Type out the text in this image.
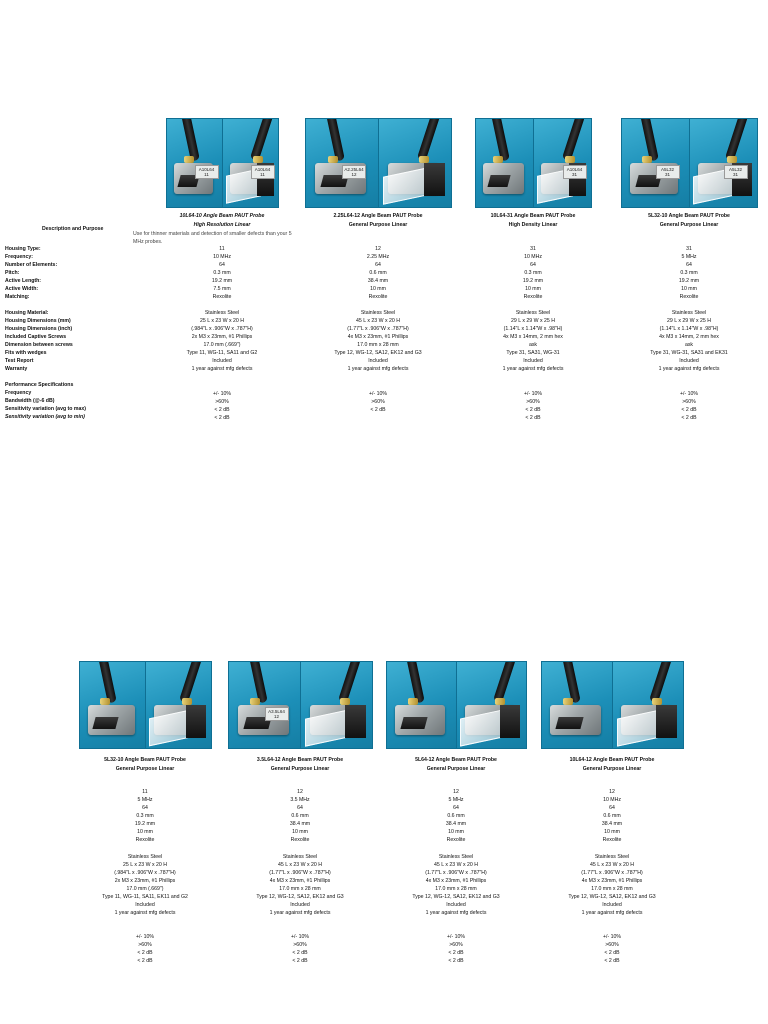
Description and Purpose
Housing Type:
Frequency:
Number of Elements:
Pitch:
Active Length:
Active Width:
Matching:
Housing Material:
Housing Dimensions (mm)
Housing Dimensions (inch)
Included Captive Screws
Dimension between screws
Fits with wedges
Test Report
Warranty
Performance Specifications
Frequency
Bandwidth (@-6 dB)
Sensitivity variation (avg to max)
Sensitivity variation (avg to min)
A10L64
11
A10L64
11
10L64-10 Angle Beam PAUT Probe
High Resolution Linear
Use for thinner materials and detection of smaller defects than your 5 MHz probes.
11
10 MHz
64
0.3 mm
19.2 mm
7.5 mm
Rexolite
Stainless Steel
25 L x 23 W x 20 H
(.984"L x .906"W x .787"H)
2x M3 x 23mm, #1 Phillips
17.0 mm (.669")
Type 11, WG-11, SA11 and G2
Included
1 year against mfg defects
+/- 10%
>60%
< 2 dB
< 2 dB
A2.25L64
12
2.25L64-12 Angle Beam PAUT Probe
General Purpose Linear
12
2.25 MHz
64
0.6 mm
38.4 mm
10 mm
Rexolite
Stainless Steel
45 L x 23 W x 20 H
(1.77"L x .906"W x .787"H)
4x M3 x 23mm, #1 Phillips
17.0 mm x 28 mm
Type 12, WG-12, SA12, EK12 and G3
Included
1 year against mfg defects
+/- 10%
>60%
< 2 dB
A10L64
31
10L64-31 Angle Beam PAUT Probe
High Density Linear
31
10 MHz
64
0.3 mm
19.2 mm
10 mm
Rexolite
Stainless Steel
29 L x 29 W x 25 H
(1.14"L x 1.14"W x .98"H)
4x M3 x 14mm, 2 mm hex
ask
Type 31, SA31, WG-31
Included
1 year against mfg defects
+/- 10%
>60%
< 2 dB
< 2 dB
A5L32
31
A5L32
31
5L32-10 Angle Beam PAUT Probe
General Purpose Linear
31
5 MHz
64
0.3 mm
19.2 mm
10 mm
Rexolite
Stainless Steel
29 L x 29 W x 25 H
(1.14"L x 1.14"W x .98"H)
4x M3 x 14mm, 2 mm hex
ask
Type 31, WG-31, SA31 and EK31
Included
1 year against mfg defects
+/- 10%
>60%
< 2 dB
< 2 dB
5L32-10 Angle Beam PAUT Probe
General Purpose Linear
11
5 MHz
64
0.3 mm
19.2 mm
10 mm
Rexolite
Stainless Steel
25 L x 23 W x 20 H
(.984"L x .906"W x .787"H)
2x M3 x 23mm, #1 Phillips
17.0 mm (.669")
Type 11, WG-11, SA11, EK11 and G2
Included
1 year against mfg defects
+/- 10%
>60%
< 2 dB
< 2 dB
A3.5L64
12
3.5L64-12 Angle Beam PAUT Probe
General Purpose Linear
12
3.5 MHz
64
0.6 mm
38.4 mm
10 mm
Rexolite
Stainless Steel
45 L x 23 W x 20 H
(1.77"L x .906"W x .787"H)
4x M3 x 23mm, #1 Phillips
17.0 mm x 28 mm
Type 12, WG-12, SA12, EK12 and G3
Included
1 year against mfg defects
+/- 10%
>60%
< 2 dB
< 2 dB
5L64-12 Angle Beam PAUT Probe
General Purpose Linear
12
5 MHz
64
0.6 mm
38.4 mm
10 mm
Rexolite
Stainless Steel
45 L x 23 W x 20 H
(1.77"L x .906"W x .787"H)
4x M3 x 23mm, #1 Phillips
17.0 mm x 28 mm
Type 12, WG-12, SA12, EK12 and G3
Included
1 year against mfg defects
+/- 10%
>60%
< 2 dB
< 2 dB
10L64-12 Angle Beam PAUT Probe
General Purpose Linear
12
10 MHz
64
0.6 mm
38.4 mm
10 mm
Rexolite
Stainless Steel
45 L x 23 W x 20 H
(1.77"L x .906"W x .787"H)
4x M3 x 23mm, #1 Phillips
17.0 mm x 28 mm
Type 12, WG-12, SA12, EK12 and G3
Included
1 year against mfg defects
+/- 10%
>60%
< 2 dB
< 2 dB
